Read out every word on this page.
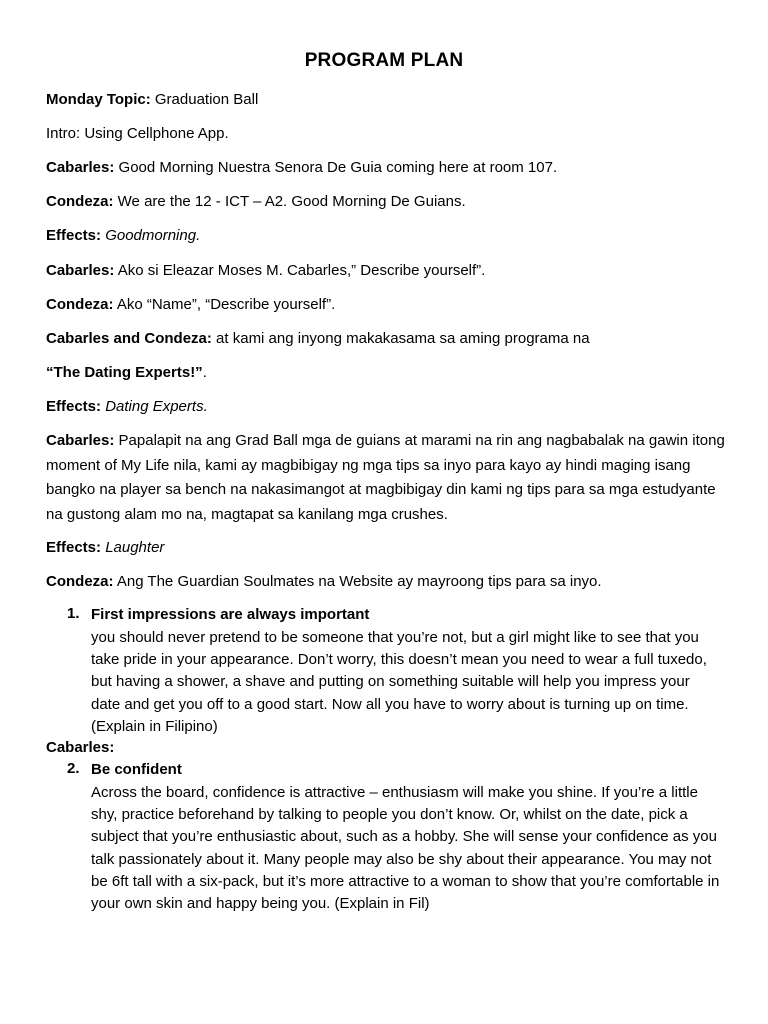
PROGRAM PLAN
Monday Topic: Graduation Ball
Intro: Using Cellphone App.
Cabarles: Good Morning Nuestra Senora De Guia coming here at room 107.
Condeza: We are the 12 - ICT – A2. Good Morning De Guians.
Effects: Goodmorning.
Cabarles: Ako si Eleazar Moses M. Cabarles,” Describe yourself”.
Condeza: Ako “Name”, “Describe yourself”.
Cabarles and Condeza: at kami ang inyong makakasama sa aming programa na
“The Dating Experts!”.
Effects: Dating Experts.
Cabarles: Papalapit na ang Grad Ball mga de guians at marami na rin ang nagbabalak na gawin itong moment of My Life nila, kami ay magbibigay ng mga tips sa inyo para kayo ay hindi maging isang bangko na player sa bench na nakasimangot at magbibigay din kami ng tips para sa mga estudyante na gustong alam mo na, magtapat sa kanilang mga crushes.
Effects: Laughter
Condeza: Ang The Guardian Soulmates na Website ay mayroong tips para sa inyo.
1. First impressions are always important
you should never pretend to be someone that you’re not, but a girl might like to see that you take pride in your appearance. Don’t worry, this doesn’t mean you need to wear a full tuxedo, but having a shower, a shave and putting on something suitable will help you impress your date and get you off to a good start. Now all you have to worry about is turning up on time. (Explain in Filipino)
Cabarles:
2. Be confident
Across the board, confidence is attractive – enthusiasm will make you shine. If you’re a little shy, practice beforehand by talking to people you don’t know. Or, whilst on the date, pick a subject that you’re enthusiastic about, such as a hobby. She will sense your confidence as you talk passionately about it. Many people may also be shy about their appearance. You may not be 6ft tall with a six-pack, but it’s more attractive to a woman to show that you’re comfortable in your own skin and happy being you. (Explain in Fil)
